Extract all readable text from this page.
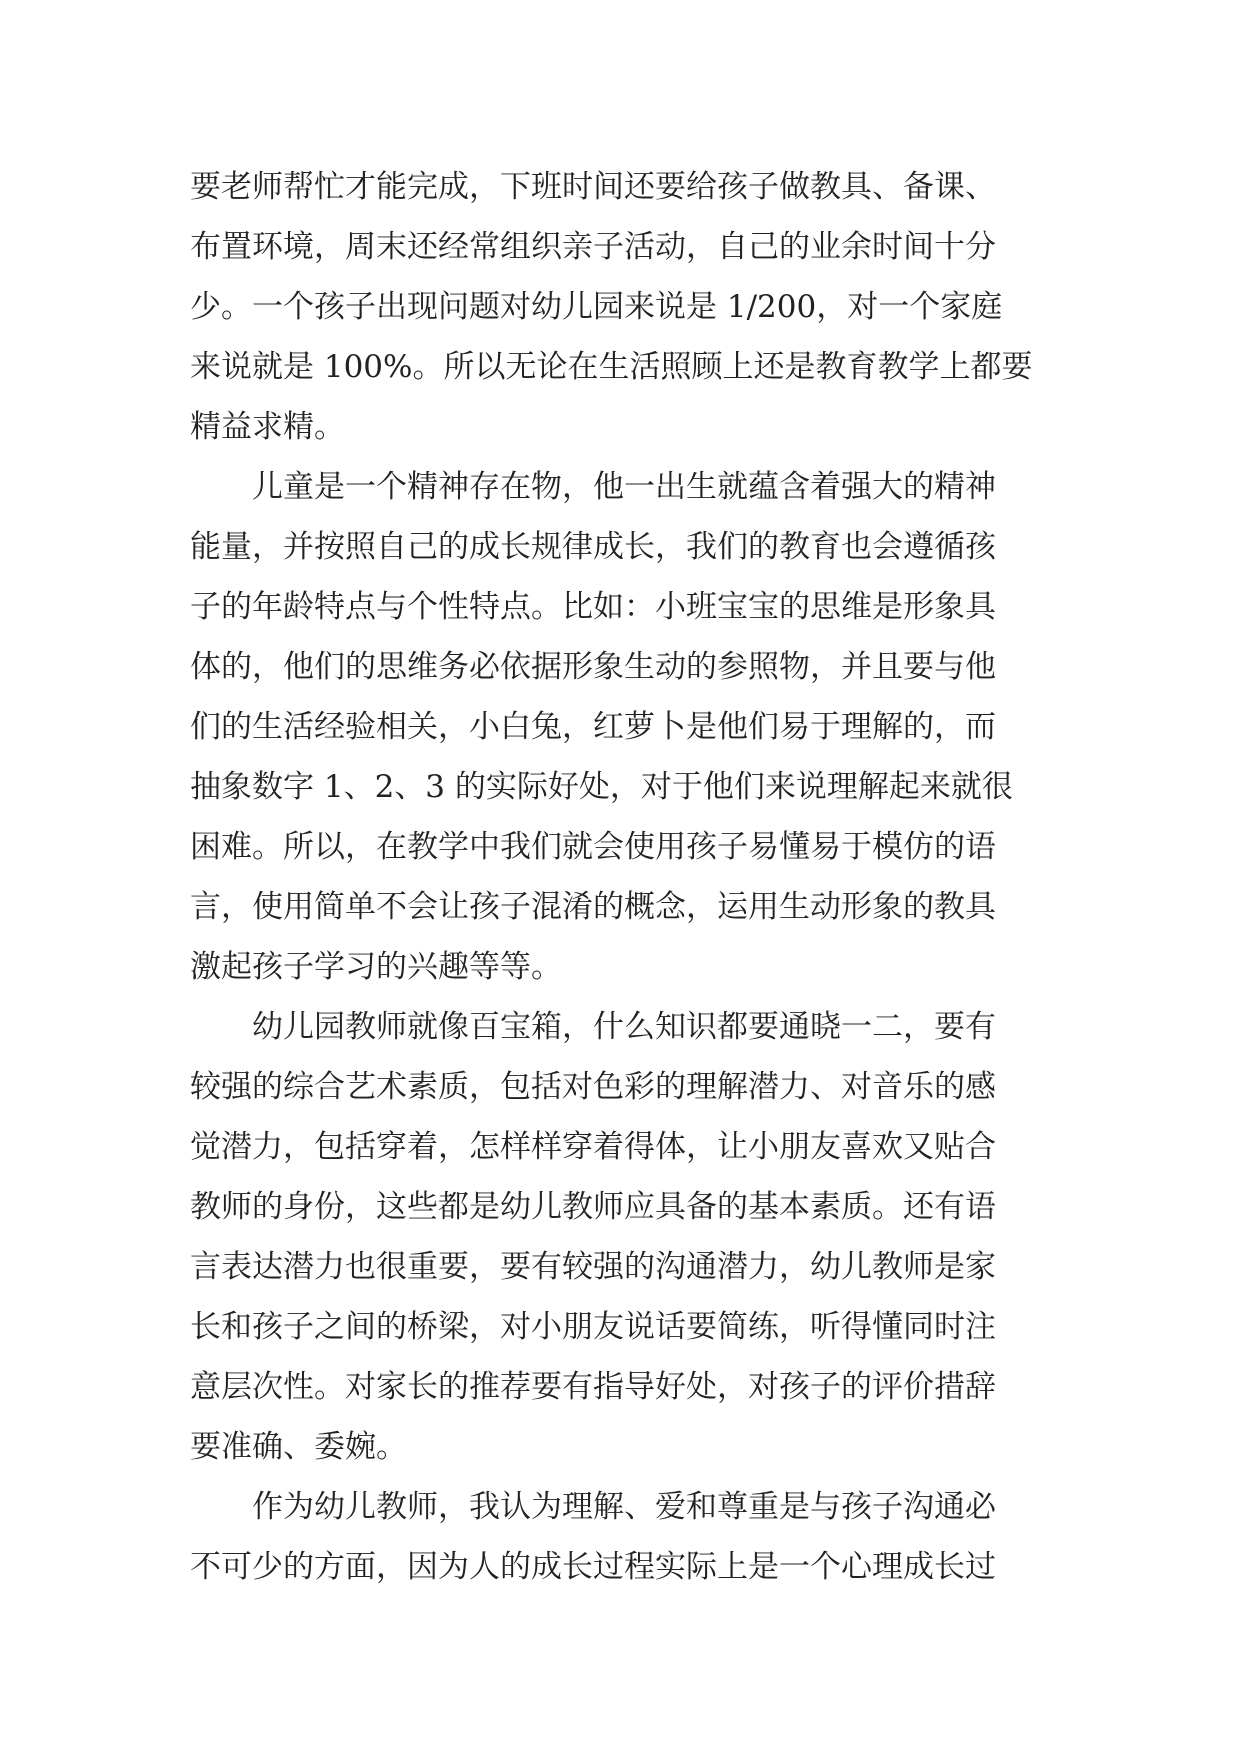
要老师帮忙才能完成，下班时间还要给孩子做教具、备课、
布置环境，周末还经常组织亲子活动，自己的业余时间十分
少。一个孩子出现问题对幼儿园来说是 1/200，对一个家庭
来说就是 100%。所以无论在生活照顾上还是教育教学上都要
精益求精。
儿童是一个精神存在物，他一出生就蕴含着强大的精神
能量，并按照自己的成长规律成长，我们的教育也会遵循孩
子的年龄特点与个性特点。比如：小班宝宝的思维是形象具
体的，他们的思维务必依据形象生动的参照物，并且要与他
们的生活经验相关，小白兔，红萝卜是他们易于理解的，而
抽象数字 1、2、3 的实际好处，对于他们来说理解起来就很
困难。所以，在教学中我们就会使用孩子易懂易于模仿的语
言，使用简单不会让孩子混淆的概念，运用生动形象的教具
激起孩子学习的兴趣等等。
幼儿园教师就像百宝箱，什么知识都要通晓一二，要有
较强的综合艺术素质，包括对色彩的理解潜力、对音乐的感
觉潜力，包括穿着，怎样样穿着得体，让小朋友喜欢又贴合
教师的身份，这些都是幼儿教师应具备的基本素质。还有语
言表达潜力也很重要，要有较强的沟通潜力，幼儿教师是家
长和孩子之间的桥梁，对小朋友说话要简练，听得懂同时注
意层次性。对家长的推荐要有指导好处，对孩子的评价措辞
要准确、委婉。
作为幼儿教师，我认为理解、爱和尊重是与孩子沟通必
不可少的方面，因为人的成长过程实际上是一个心理成长过
